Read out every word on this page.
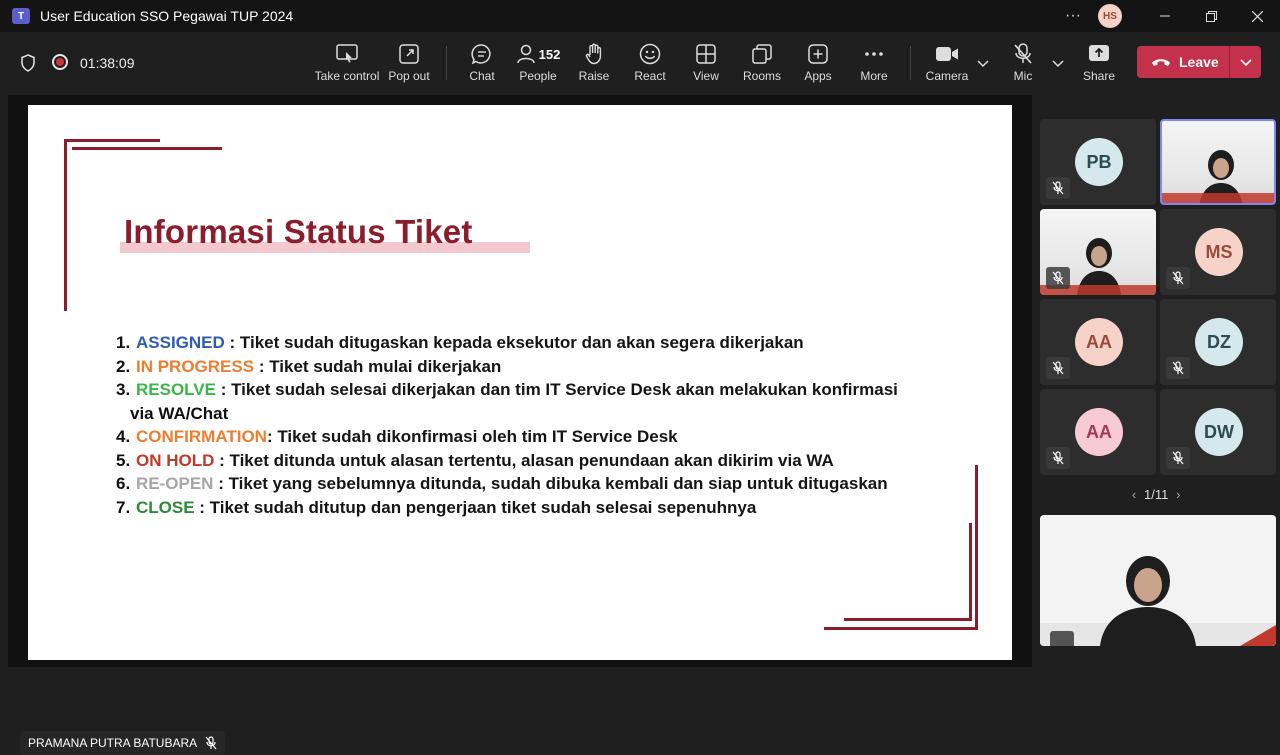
T	User Education SSO Pegawai TUP 2024	···	HS
01:38:09
Take control Pop out	Chat
152
People Raise React View Rooms Apps More	Camera	Mic	Share
Leave
Informasi Status Tiket
1. ASSIGNED : Tiket sudah ditugaskan kepada eksekutor dan akan segera dikerjakan
2. IN PROGRESS : Tiket sudah mulai dikerjakan
3. RESOLVE : Tiket sudah selesai dikerjakan dan tim IT Service Desk akan melakukan konfirmasi
via WA/Chat
4. CONFIRMATION: Tiket sudah dikonfirmasi oleh tim IT Service Desk
5. ON HOLD : Tiket ditunda untuk alasan tertentu, alasan penundaan akan dikirim via WA
6. RE-OPEN : Tiket yang sebelumnya ditunda, sudah dibuka kembali dan siap untuk ditugaskan
7. CLOSE : Tiket sudah ditutup dan pengerjaan tiket sudah selesai sepenuhnya
PRAMANA PUTRA BATUBARA
‹ 1/11 ›
PB
MS
AA	DZ
AA	DW
